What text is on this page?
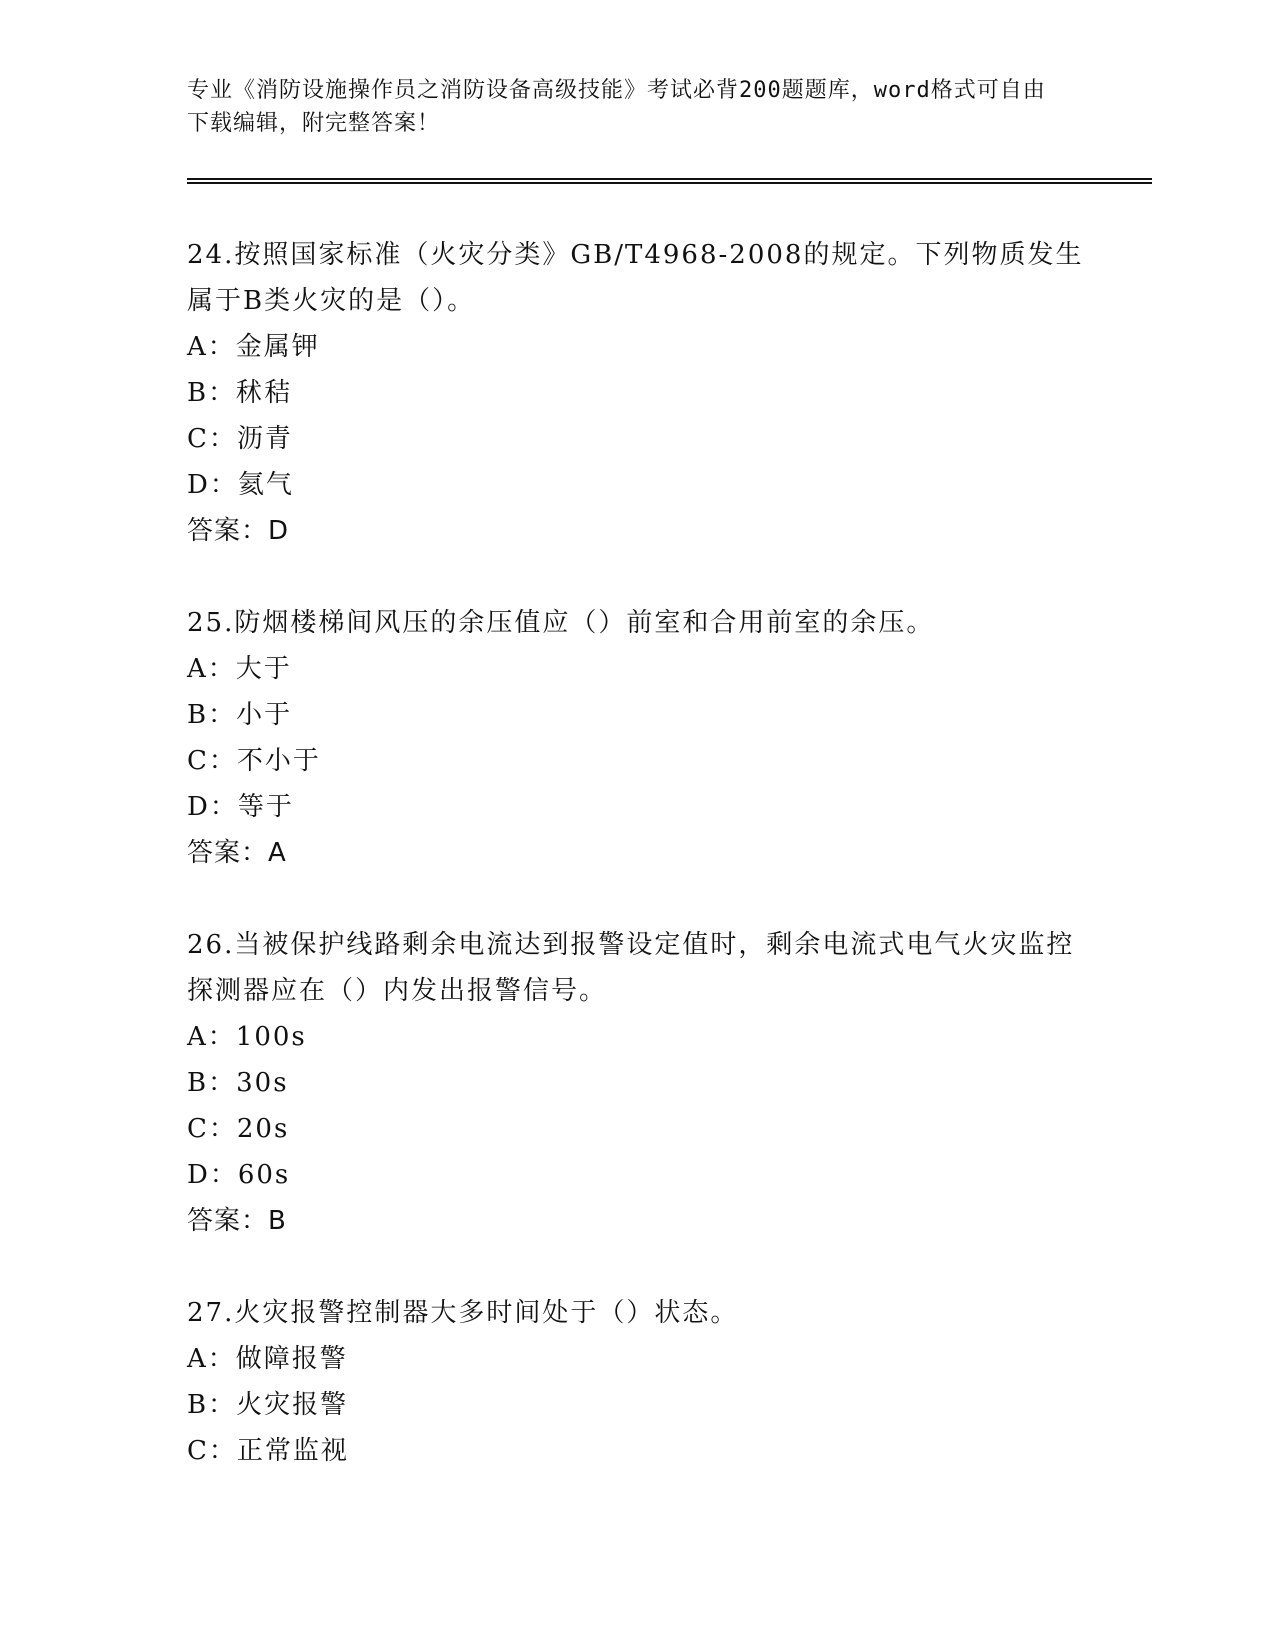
专业《消防设施操作员之消防设备高级技能》考试必背200题题库，word格式可自由下载编辑，附完整答案！
24.按照国家标准（火灾分类》GB/T4968-2008的规定。下列物质发生属于B类火灾的是（）。
A：金属钾
B：秫秸
C：沥青
D：氦气
答案：D
25.防烟楼梯间风压的余压值应（）前室和合用前室的余压。
A：大于
B：小于
C：不小于
D：等于
答案：A
26.当被保护线路剩余电流达到报警设定值时，剩余电流式电气火灾监控探测器应在（）内发出报警信号。
A：100s
B：30s
C：20s
D：60s
答案：B
27.火灾报警控制器大多时间处于（）状态。
A：做障报警
B：火灾报警
C：正常监视
